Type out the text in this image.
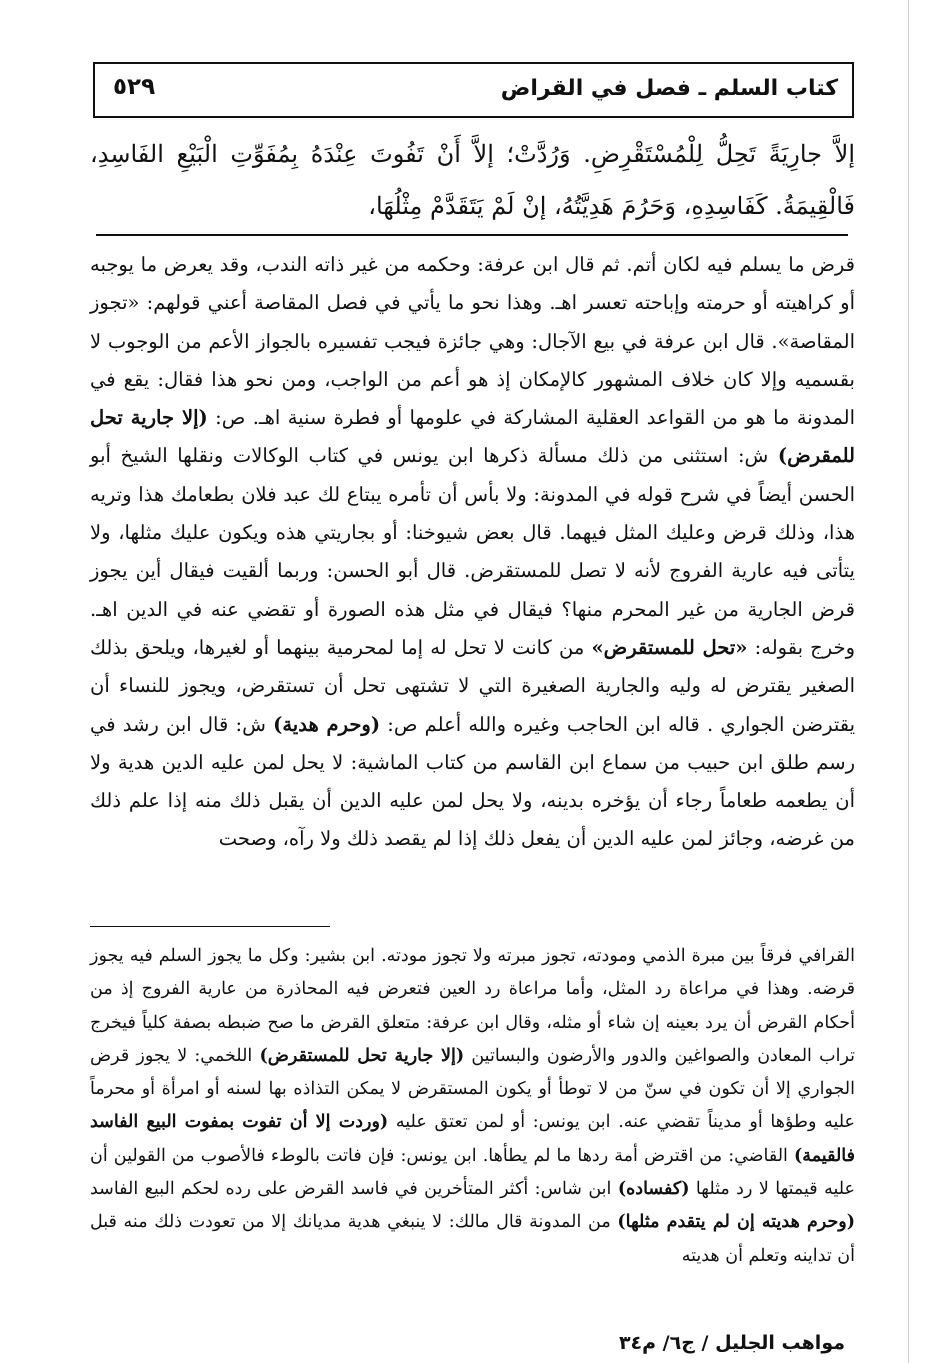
كتاب السلم ـ فصل في القراض
٥٢٩

إلاَّ جارِيَةً تَحِلُّ لِلْمُسْتَقْرِضِ. وَرُدَّتْ؛ إلاَّ أَنْ تَفُوتَ عِنْدَهُ بِمُفَوِّتِ الْبَيْعِ الفَاسِدِ، فَالْقِيمَةُ. كَفَاسِدِهِ، وَحَرُمَ هَدِيَّتُهُ، إنْ لَمْ يَتَقَدَّمْ مِثْلُهَا،

قرض ما يسلم فيه لكان أتم. ثم قال ابن عرفة: وحكمه من غير ذاته الندب، وقد يعرض ما يوجبه أو كراهيته أو حرمته وإباحته تعسر اهـ. وهذا نحو ما يأتي في فصل المقاصة أعني قولهم: «تجوز المقاصة». قال ابن عرفة في بيع الآجال: وهي جائزة فيجب تفسيره بالجواز الأعم من الوجوب لا بقسميه وإلا كان خلاف المشهور كالإمكان إذ هو أعم من الواجب، ومن نحو هذا فقال: يقع في المدونة ما هو من القواعد العقلية المشاركة في علومها أو فطرة سنية اهـ. ص: (إلا جارية تحل للمقرض) ش: استثنى من ذلك مسألة ذكرها ابن يونس في كتاب الوكالات ونقلها الشيخ أبو الحسن أيضاً في شرح قوله في المدونة: ولا بأس أن تأمره يبتاع لك عبد فلان بطعامك هذا وتريه هذا، وذلك قرض وعليك المثل فيهما. قال بعض شيوخنا: أو بجاريتي هذه ويكون عليك مثلها، ولا يتأتى فيه عارية الفروج لأنه لا تصل للمستقرض. قال أبو الحسن: وربما ألقيت فيقال أين يجوز قرض الجارية من غير المحرم منها؟ فيقال في مثل هذه الصورة أو تقضي عنه في الدين اهـ. وخرج بقوله: «تحل للمستقرض» من كانت لا تحل له إما لمحرمية بينهما أو لغيرها، ويلحق بذلك الصغير يقترض له وليه والجارية الصغيرة التي لا تشتهى تحل أن تستقرض، ويجوز للنساء أن يقترضن الجواري . قاله ابن الحاجب وغيره والله أعلم ص: (وحرم هدية) ش: قال ابن رشد في رسم طلق ابن حبيب من سماع ابن القاسم من كتاب الماشية: لا يحل لمن عليه الدين هدية ولا أن يطعمه طعاماً رجاء أن يؤخره بدينه، ولا يحل لمن عليه الدين أن يقبل ذلك منه إذا علم ذلك من غرضه، وجائز لمن عليه الدين أن يفعل ذلك إذا لم يقصد ذلك ولا رآه، وصحت

القرافي فرقاً بين مبرة الذمي ومودته، تجوز مبرته ولا تجوز مودته. ابن بشير: وكل ما يجوز السلم فيه يجوز قرضه. وهذا في مراعاة رد المثل، وأما مراعاة رد العين فتعرض فيه المحاذرة من عارية الفروج إذ من أحكام القرض أن يرد بعينه إن شاء أو مثله، وقال ابن عرفة: متعلق القرض ما صح ضبطه بصفة كلياً فيخرج تراب المعادن والصواغين والدور والأرضون والبساتين (إلا جارية تحل للمستقرض) اللخمي: لا يجوز قرض الجواري إلا أن تكون في سنّ من لا توطأ أو يكون المستقرض لا يمكن التذاذه بها لسنه أو امرأة أو محرماً عليه وطؤها أو مديناً تقضي عنه. ابن يونس: أو لمن تعتق عليه (وردت إلا أن تفوت بمفوت البيع الفاسد فالقيمة) القاضي: من اقترض أمة ردها ما لم يطأها. ابن يونس: فإن فاتت بالوطء فالأصوب من القولين أن عليه قيمتها لا رد مثلها (كفساده) ابن شاس: أكثر المتأخرين في فاسد القرض على رده لحكم البيع الفاسد (وحرم هديته إن لم يتقدم مثلها) من المدونة قال مالك: لا ينبغي هدية مديانك إلا من تعودت ذلك منه قبل أن تداينه وتعلم أن هديته

مواهب الجليل / ج٦/ م٣٤
